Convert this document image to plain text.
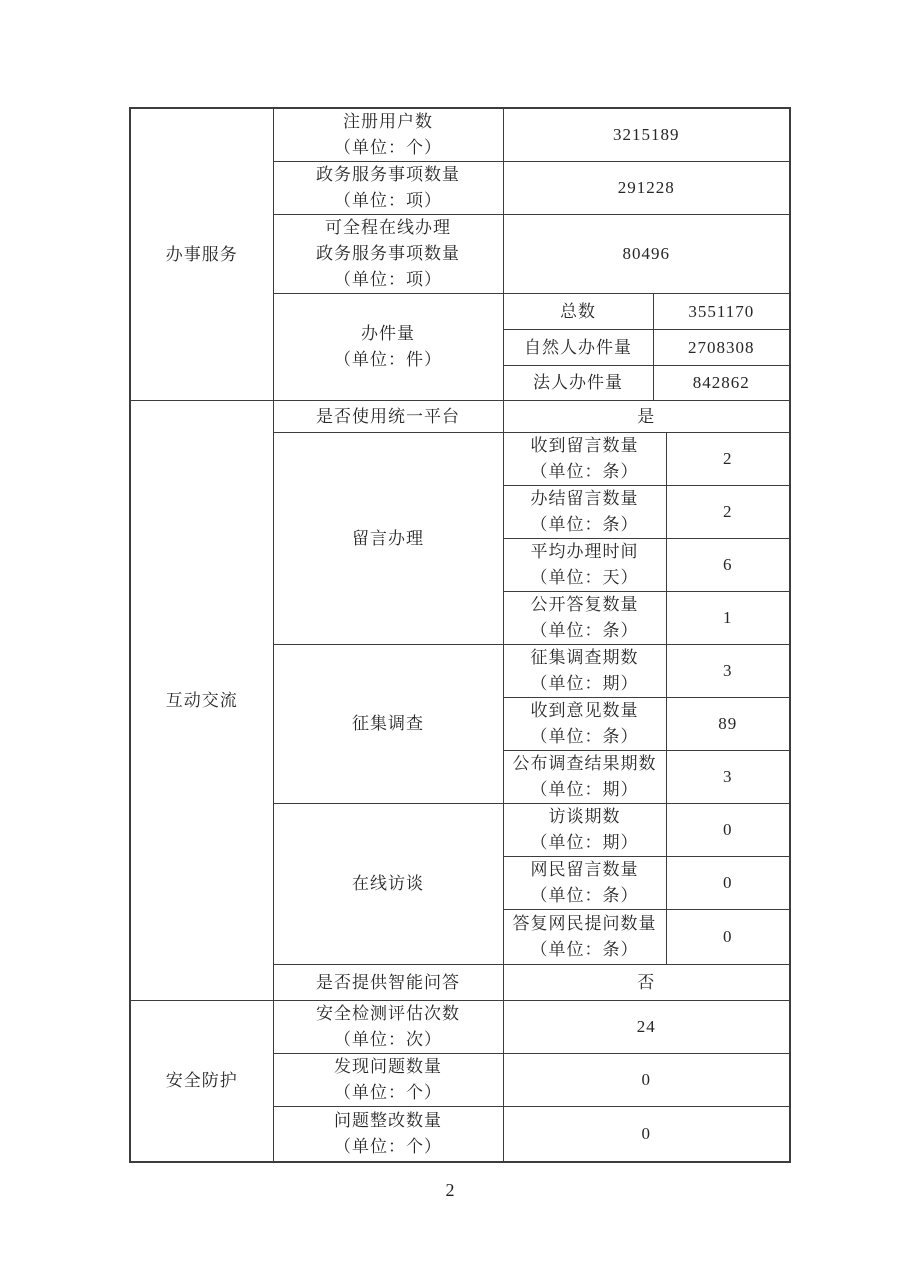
办事服务	注册用户数
（单位：个）	3215189		

	政务服务事项数量
（单位：项）	291228		

	可全程在线办理
政务服务事项数量
（单位：项）	80496		

	办件量
（单位：件）	总数	3551170	
		自然人办件量	2708308	
		法人办件量	842862	

互动交流	是否使用统一平台	是		
	留言办理	收到留言数量
（单位：条）		2

		办结留言数量
（单位：条）		2

		平均办理时间
（单位：天）		6

		公开答复数量
（单位：条）		1
	征集调查	征集调查期数
（单位：期）		3

		收到意见数量
（单位：条）		89

		公布调查结果期数
（单位：期）		3
	在线访谈	访谈期数
（单位：期）		0

		网民留言数量
（单位：条）		0

		答复网民提问数量
（单位：条）		0
	是否提供智能问答	否		

安全防护	安全检测评估次数
（单位：次）	24		

	发现问题数量
（单位：个）	0		

	问题整改数量
（单位：个）	0		
2
